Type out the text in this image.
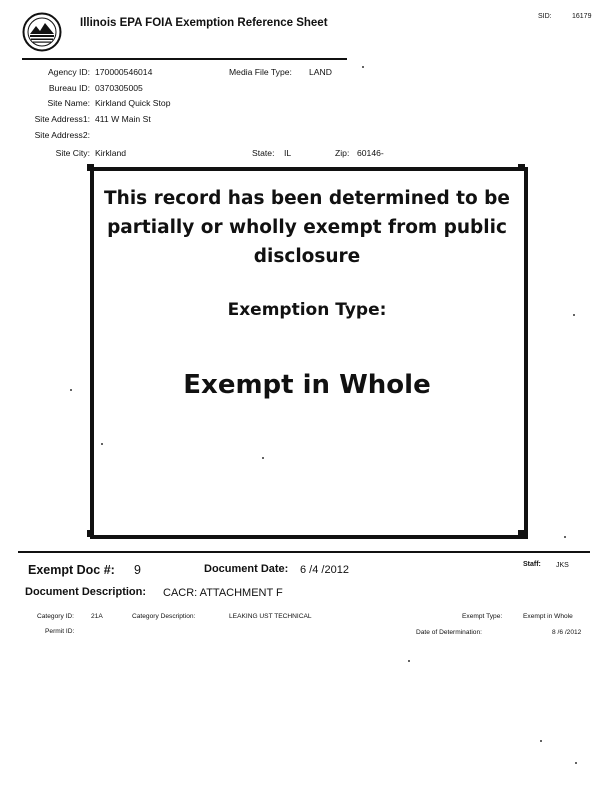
Illinois EPA FOIA Exemption Reference Sheet
SID:	16179
Agency ID: 170000546014	Media File Type: LAND
Bureau ID: 0370305005
Site Name: Kirkland Quick Stop
Site Address1: 411 W Main St
Site Address2:
Site City: Kirkland	State: IL	Zip: 60146-
This record has been determined to be partially or wholly exempt from public disclosure
Exemption Type:
Exempt in Whole
Exempt Doc #: 9	Document Date: 6 /4 /2012	Staff: JKS
Document Description: CACR: ATTACHMENT F
Category ID:	21A	Category Description:	LEAKING UST TECHNICAL	Exempt Type:	Exempt in Whole
Permit ID:	Date of Determination:	8 /6 /2012
